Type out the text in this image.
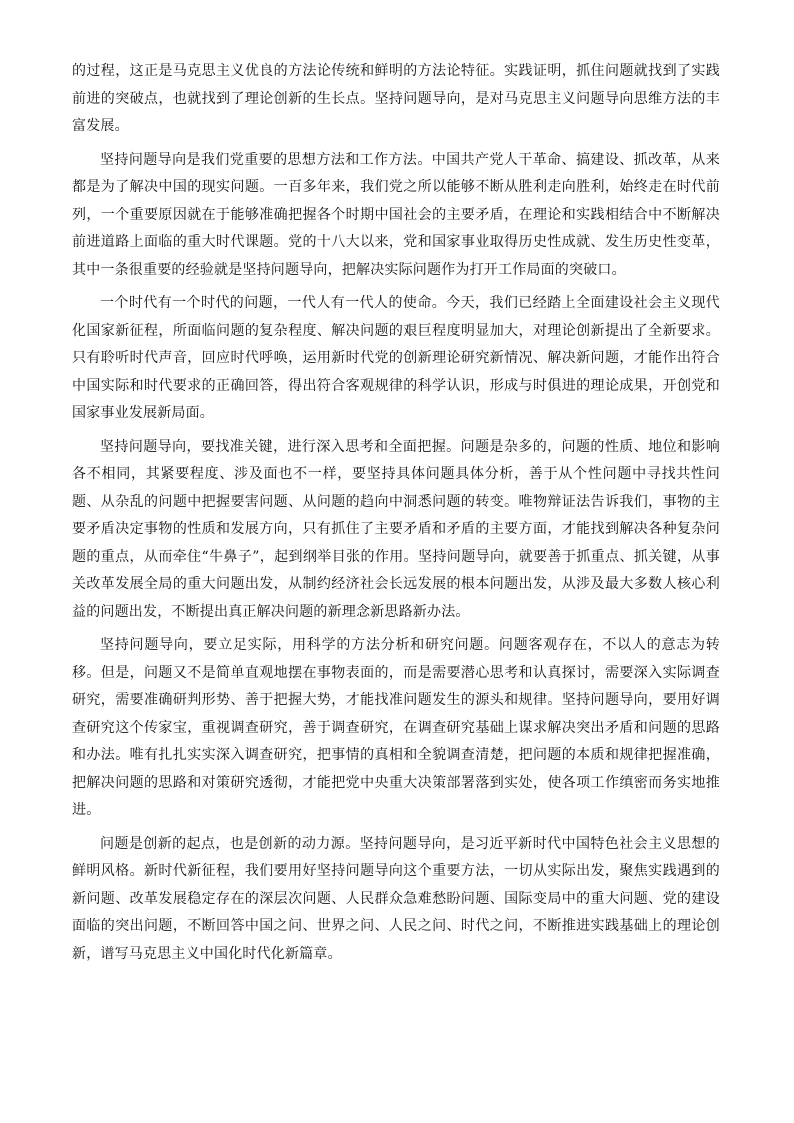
的过程，这正是马克思主义优良的方法论传统和鲜明的方法论特征。实践证明，抓住问题就找到了实践前进的突破点，也就找到了理论创新的生长点。坚持问题导向，是对马克思主义问题导向思维方法的丰富发展。

坚持问题导向是我们党重要的思想方法和工作方法。中国共产党人干革命、搞建设、抓改革，从来都是为了解决中国的现实问题。一百多年来，我们党之所以能够不断从胜利走向胜利，始终走在时代前列，一个重要原因就在于能够准确把握各个时期中国社会的主要矛盾，在理论和实践相结合中不断解决前进道路上面临的重大时代课题。党的十八大以来，党和国家事业取得历史性成就、发生历史性变革，其中一条很重要的经验就是坚持问题导向，把解决实际问题作为打开工作局面的突破口。

一个时代有一个时代的问题，一代人有一代人的使命。今天，我们已经踏上全面建设社会主义现代化国家新征程，所面临问题的复杂程度、解决问题的艰巨程度明显加大，对理论创新提出了全新要求。只有聆听时代声音，回应时代呼唤，运用新时代党的创新理论研究新情况、解决新问题，才能作出符合中国实际和时代要求的正确回答，得出符合客观规律的科学认识，形成与时俱进的理论成果，开创党和国家事业发展新局面。

坚持问题导向，要找准关键，进行深入思考和全面把握。问题是杂多的，问题的性质、地位和影响各不相同，其紧要程度、涉及面也不一样，要坚持具体问题具体分析，善于从个性问题中寻找共性问题、从杂乱的问题中把握要害问题、从问题的趋向中洞悉问题的转变。唯物辩证法告诉我们，事物的主要矛盾决定事物的性质和发展方向，只有抓住了主要矛盾和矛盾的主要方面，才能找到解决各种复杂问题的重点，从而牵住“牛鼻子”，起到纲举目张的作用。坚持问题导向，就要善于抓重点、抓关键，从事关改革发展全局的重大问题出发，从制约经济社会长远发展的根本问题出发，从涉及最大多数人核心利益的问题出发，不断提出真正解决问题的新理念新思路新办法。

坚持问题导向，要立足实际，用科学的方法分析和研究问题。问题客观存在，不以人的意志为转移。但是，问题又不是简单直观地摆在事物表面的，而是需要潜心思考和认真探讨，需要深入实际调查研究，需要准确研判形势、善于把握大势，才能找准问题发生的源头和规律。坚持问题导向，要用好调查研究这个传家宝，重视调查研究，善于调查研究，在调查研究基础上谋求解决突出矛盾和问题的思路和办法。唯有扎扎实实深入调查研究，把事情的真相和全貌调查清楚，把问题的本质和规律把握准确，把解决问题的思路和对策研究透彻，才能把党中央重大决策部署落到实处，使各项工作缜密而务实地推进。

问题是创新的起点，也是创新的动力源。坚持问题导向，是习近平新时代中国特色社会主义思想的鲜明风格。新时代新征程，我们要用好坚持问题导向这个重要方法，一切从实际出发，聚焦实践遇到的新问题、改革发展稳定存在的深层次问题、人民群众急难愁盼问题、国际变局中的重大问题、党的建设面临的突出问题，不断回答中国之问、世界之问、人民之问、时代之问，不断推进实践基础上的理论创新，谱写马克思主义中国化时代化新篇章。
